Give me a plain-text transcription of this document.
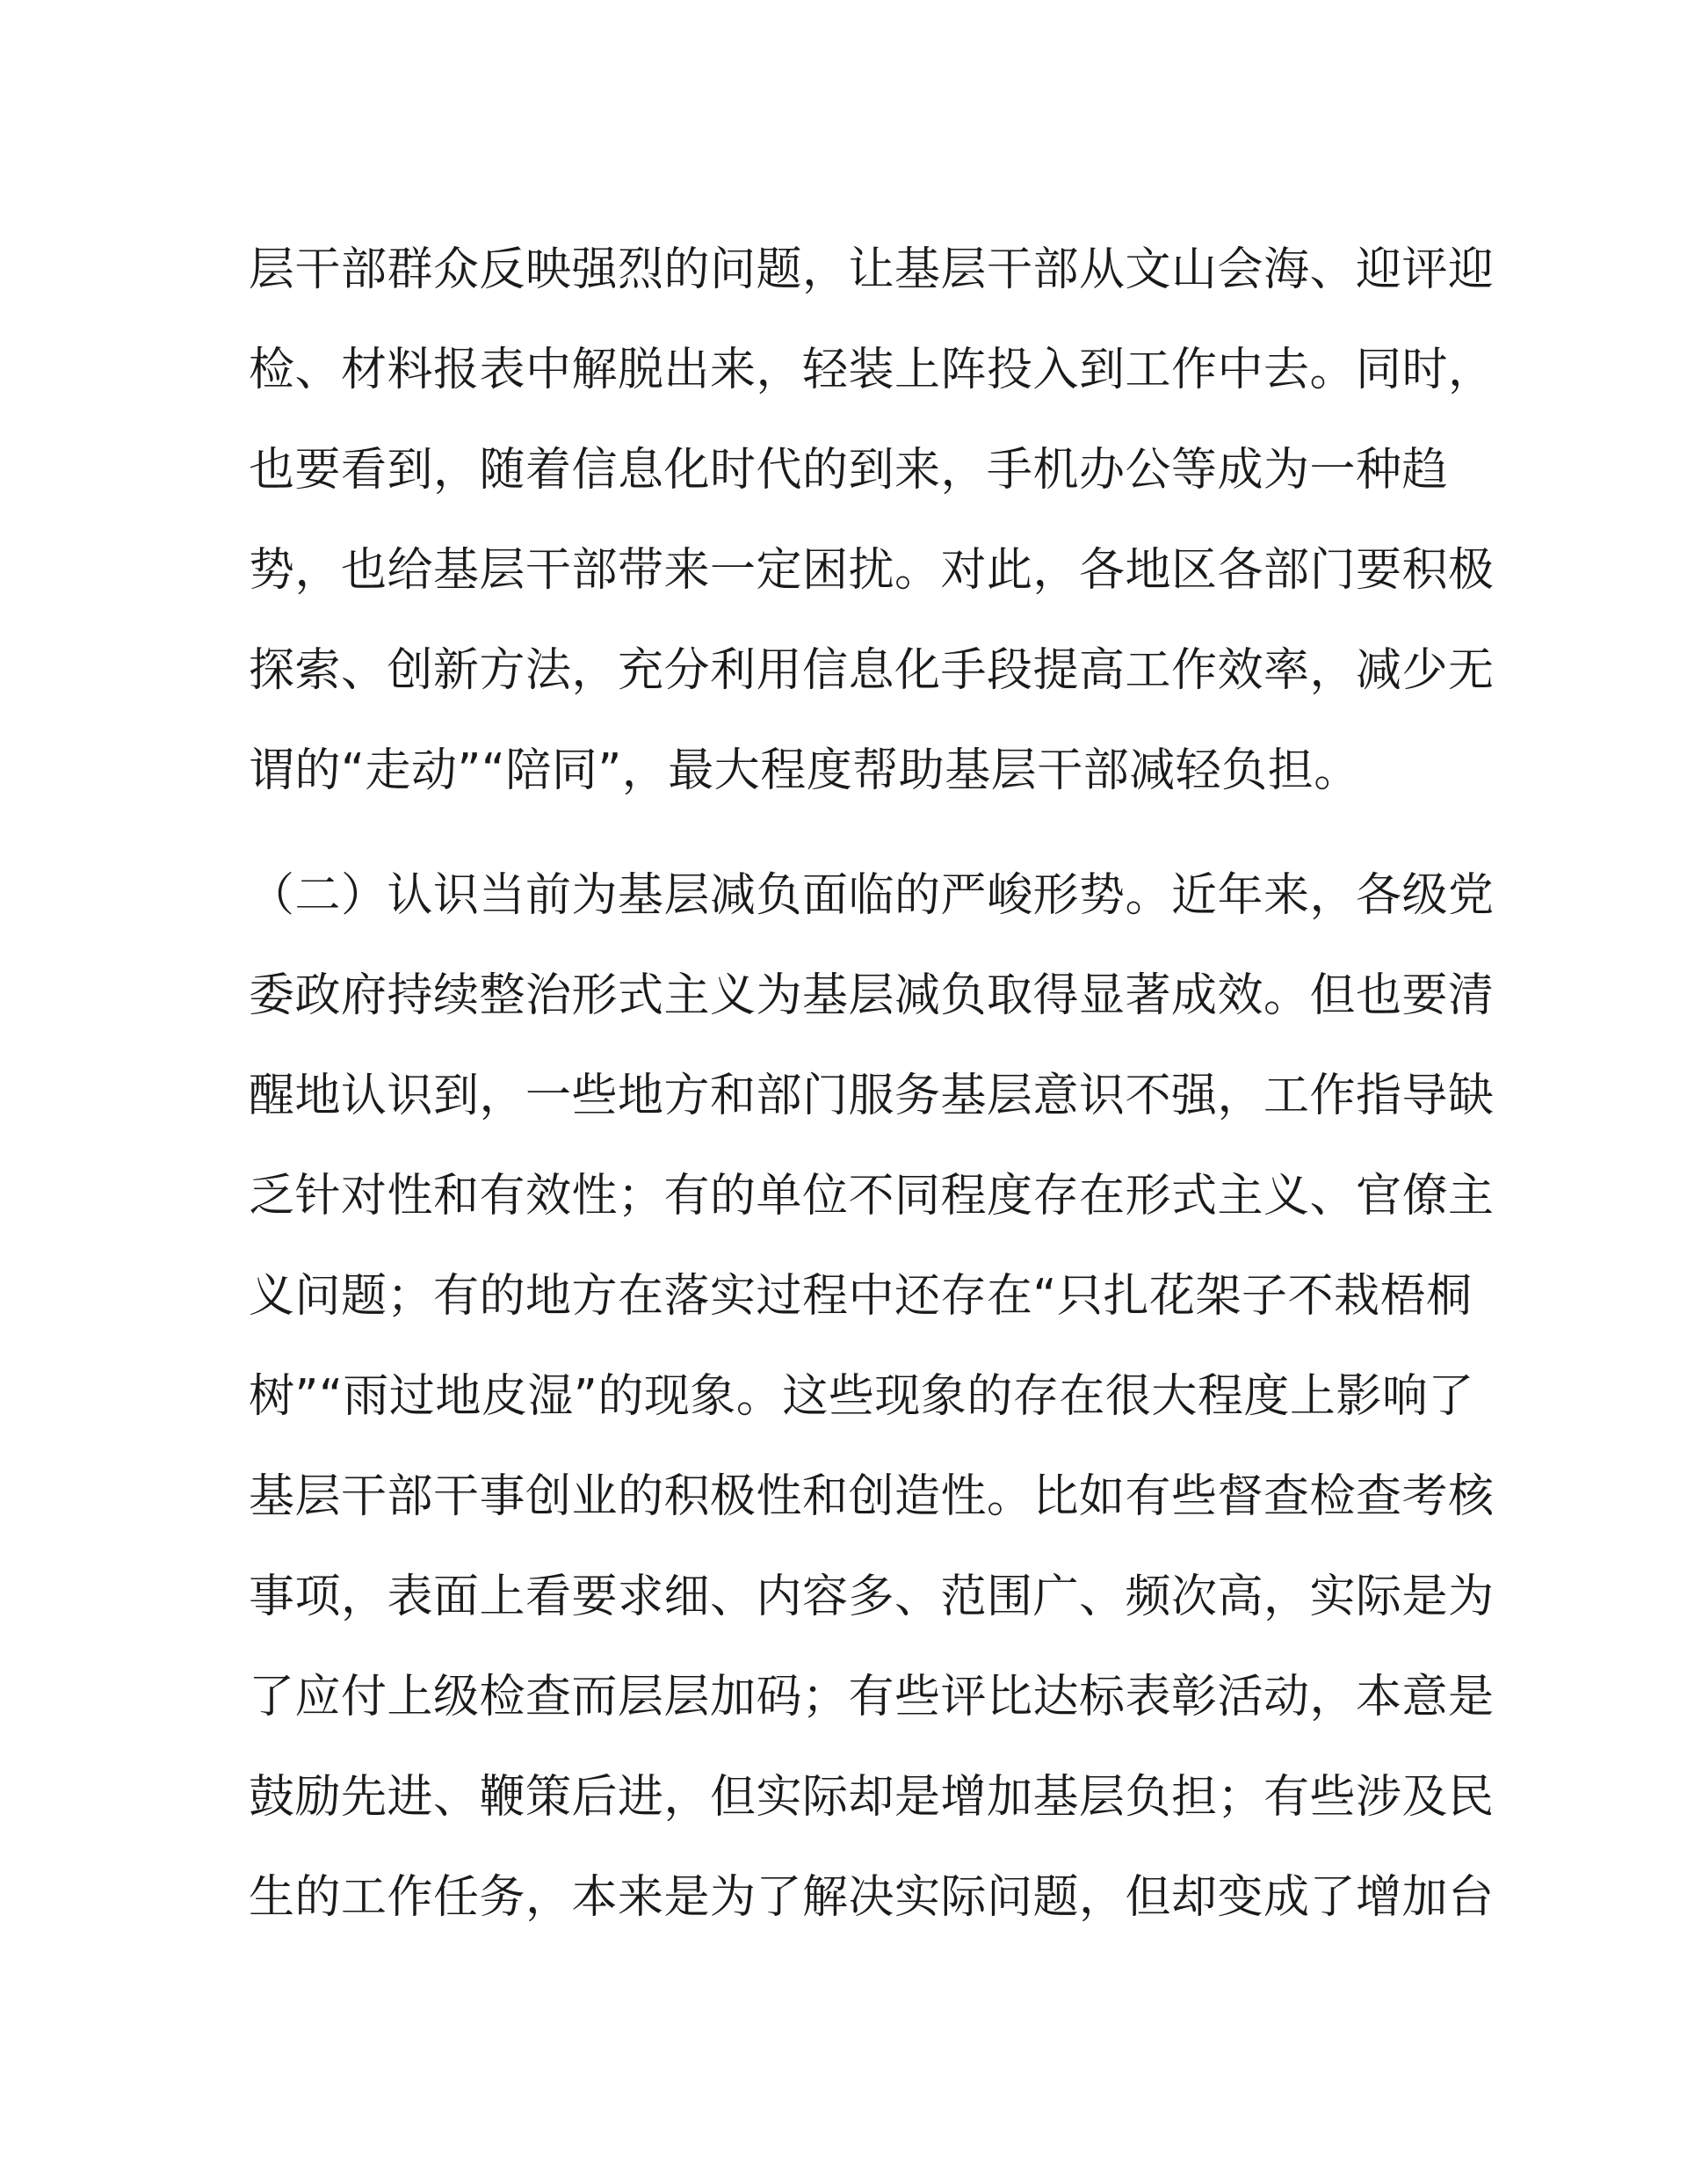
层干部群众反映强烈的问题，让基层干部从文山会海、迎评迎
检、材料报表中解脱出来，轻装上阵投入到工作中去。同时，
也要看到，随着信息化时代的到来，手机办公等成为一种趋
势，也给基层干部带来一定困扰。对此，各地区各部门要积极
探索、创新方法，充分利用信息化手段提高工作效率，减少无
谓的“走动”“陪同”，最大程度帮助基层干部减轻负担。
（二）认识当前为基层减负面临的严峻形势。近年来，各级党
委政府持续整治形式主义为基层减负取得显著成效。但也要清
醒地认识到，一些地方和部门服务基层意识不强，工作指导缺
乏针对性和有效性；有的单位不同程度存在形式主义、官僚主
义问题；有的地方在落实过程中还存在“只扎花架子不栽梧桐
树”“雨过地皮湿”的现象。这些现象的存在很大程度上影响了
基层干部干事创业的积极性和创造性。比如有些督查检查考核
事项，表面上看要求细、内容多、范围广、频次高，实际是为
了应付上级检查而层层加码；有些评比达标表彰活动，本意是
鼓励先进、鞭策后进，但实际却是增加基层负担；有些涉及民
生的工作任务，本来是为了解决实际问题，但却变成了增加台
